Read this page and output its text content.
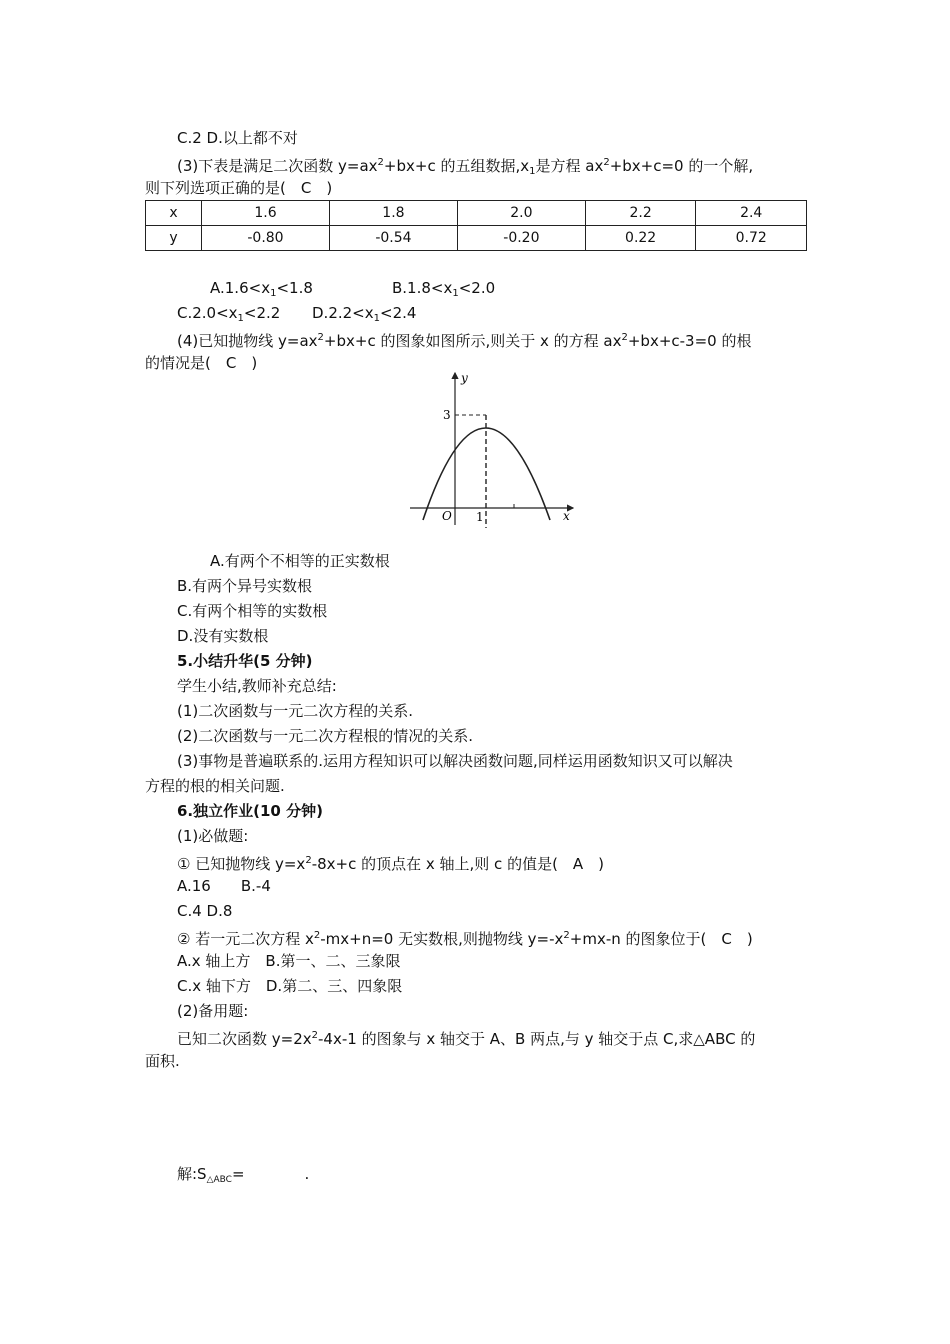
C.2 D.以上都不对
(3)下表是满足二次函数 $y=ax^2+bx+c$ 的五组数据$,x_1$是方程 $ax^2+bx+c=0$ 的一个解,
则下列选项正确的是(　C　)
x	1.6	1.8	2.0	2.2	2.4
y	-0.80	-0.54	-0.20	0.22	0.72
$A.1.6<x_1<1.8$	$B.1.8<x_1<2.0$
$C.2.0<x_1<2.2$ $D.2.2<x_1<2.4$
(4)已知抛物线 $y=ax^2+bx+c$ 的图象如图所示,则关于 x 的方程 $ax^2+bx+c-3=0$ 的根
的情况是(　C　)
y
x
O
3
1
A.有两个不相等的正实数根
B.有两个异号实数根
C.有两个相等的实数根
D.没有实数根
5.小结升华(5 分钟)
学生小结,教师补充总结:
(1)二次函数与一元二次方程的关系.
(2)二次函数与一元二次方程根的情况的关系.
(3)事物是普遍联系的.运用方程知识可以解决函数问题,同样运用函数知识又可以解决
方程的根的相关问题.
6.独立作业(10 分钟)
(1)必做题:
① 已知抛物线 $y=x^2-8x+c$ 的顶点在 x 轴上,则 c 的值是(　A　)
A.16　　B.-4
C.4 D.8
② 若一元二次方程 $x^2-mx+n=0$ 无实数根,则抛物线 $y=-x^2+mx-n$ 的图象位于(　C　)
A.x 轴上方　B.第一、二、三象限
C.x 轴下方　D.第二、三、四象限
(2)备用题:
已知二次函数 $y=2x^2-4x-1$ 的图象与 x 轴交于 A、B 两点,与 y 轴交于点 C,求△ABC 的
面积.
解$:S_{\triangle ABC}=$　　　　.
